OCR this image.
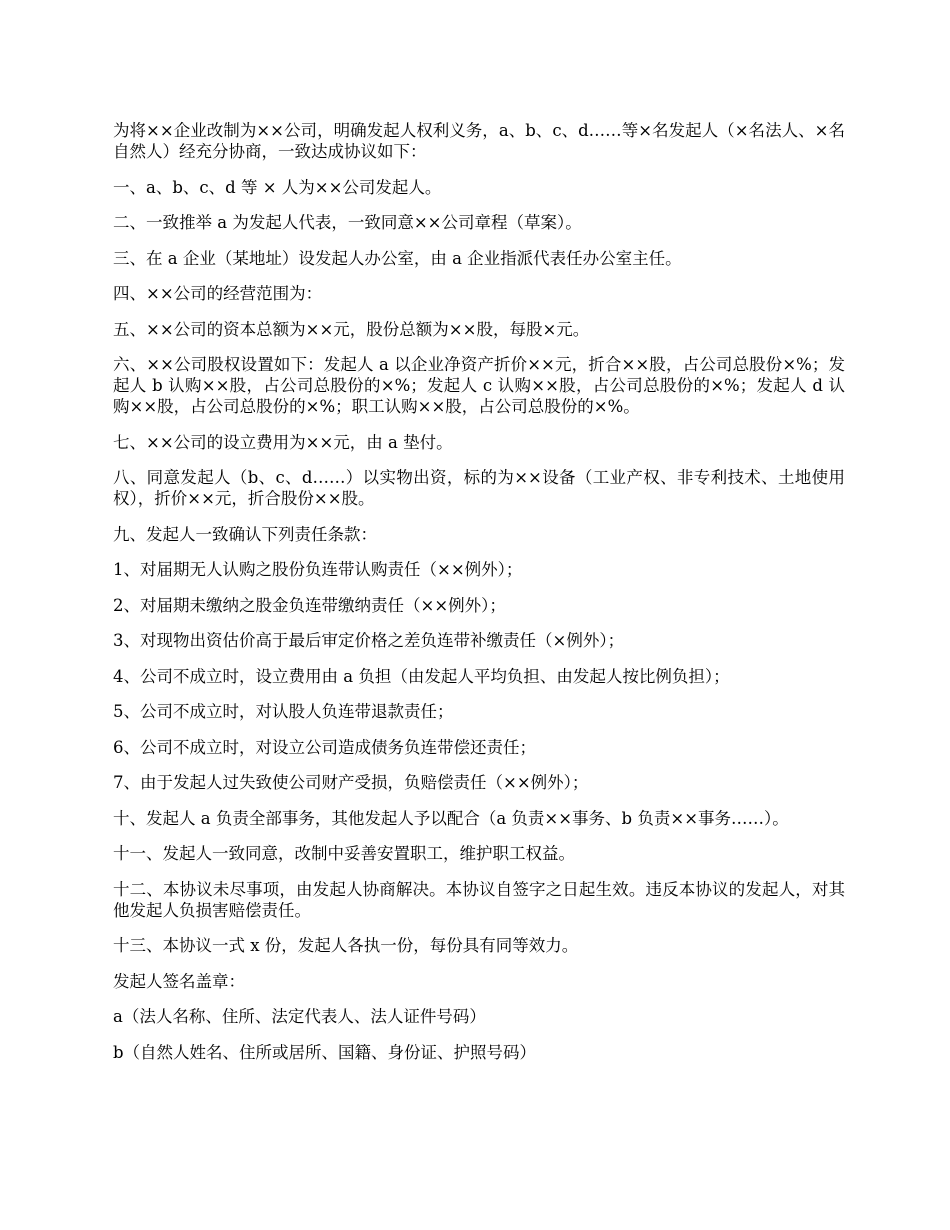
为将××企业改制为××公司，明确发起人权利义务，a、b、c、d……等×名发起人（×名法人、×名自然人）经充分协商，一致达成协议如下：

一、a、b、c、d 等 × 人为××公司发起人。

二、一致推举 a 为发起人代表，一致同意××公司章程（草案）。

三、在 a 企业（某地址）设发起人办公室，由 a 企业指派代表任办公室主任。

四、××公司的经营范围为：

五、××公司的资本总额为××元，股份总额为××股，每股×元。

六、××公司股权设置如下：发起人 a 以企业净资产折价××元，折合××股，占公司总股份×%；发起人 b 认购××股，占公司总股份的×%；发起人 c 认购××股，占公司总股份的×%；发起人 d 认购××股，占公司总股份的×%；职工认购××股，占公司总股份的×%。

七、××公司的设立费用为××元，由 a 垫付。

八、同意发起人（b、c、d……）以实物出资，标的为××设备（工业产权、非专利技术、土地使用权），折价××元，折合股份××股。

九、发起人一致确认下列责任条款：

1、对届期无人认购之股份负连带认购责任（××例外）；

2、对届期未缴纳之股金负连带缴纳责任（××例外）；

3、对现物出资估价高于最后审定价格之差负连带补缴责任（×例外）；

4、公司不成立时，设立费用由 a 负担（由发起人平均负担、由发起人按比例负担）；

5、公司不成立时，对认股人负连带退款责任；

6、公司不成立时，对设立公司造成债务负连带偿还责任；

7、由于发起人过失致使公司财产受损，负赔偿责任（××例外）；

十、发起人 a 负责全部事务，其他发起人予以配合（a 负责××事务、b 负责××事务……）。

十一、发起人一致同意，改制中妥善安置职工，维护职工权益。

十二、本协议未尽事项，由发起人协商解决。本协议自签字之日起生效。违反本协议的发起人，对其他发起人负损害赔偿责任。

十三、本协议一式 x 份，发起人各执一份，每份具有同等效力。

发起人签名盖章：

a（法人名称、住所、法定代表人、法人证件号码）

b（自然人姓名、住所或居所、国籍、身份证、护照号码）
